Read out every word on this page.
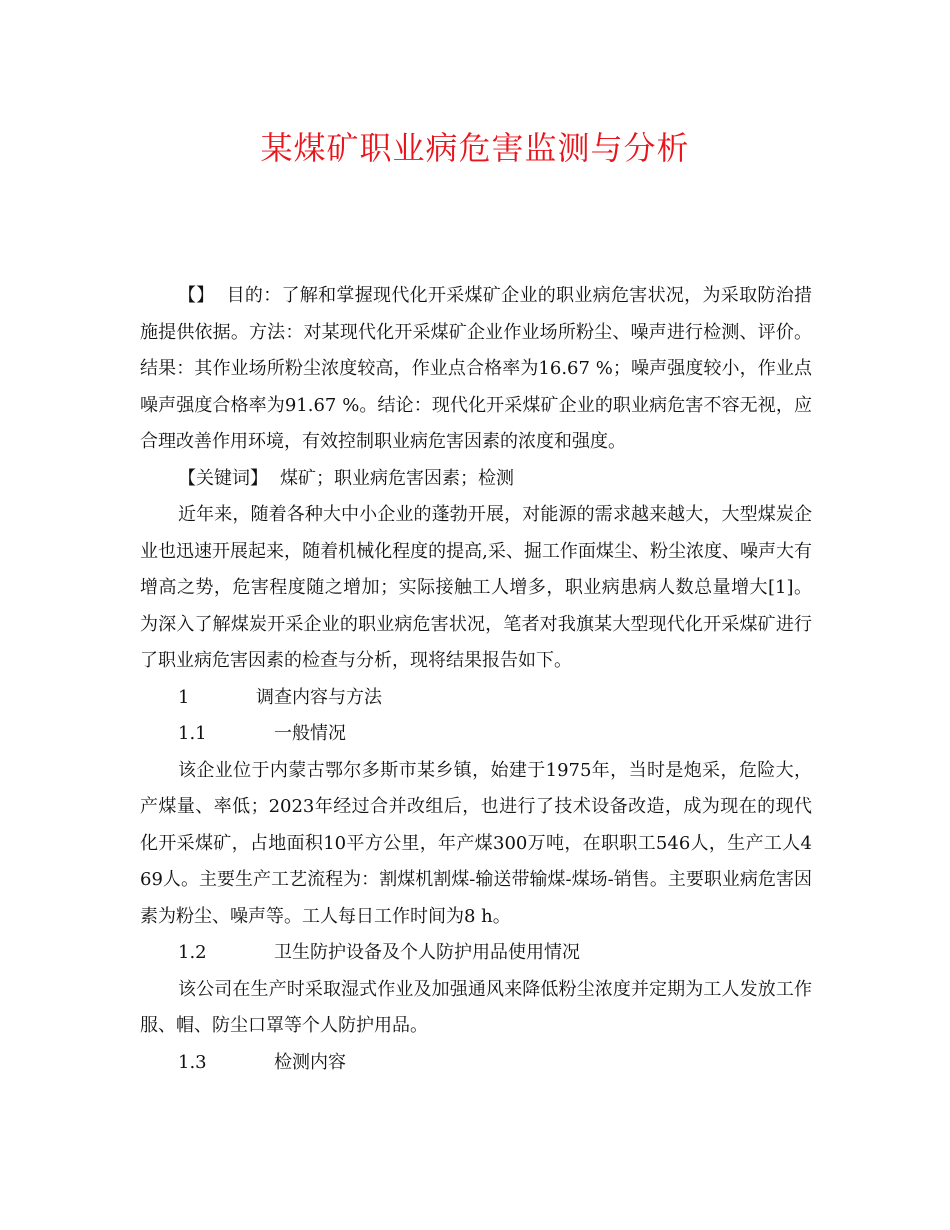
某煤矿职业病危害监测与分析

【】 目的：了解和掌握现代化开采煤矿企业的职业病危害状况，为采取防治措施提供依据。方法：对某现代化开采煤矿企业作业场所粉尘、噪声进行检测、评价。结果：其作业场所粉尘浓度较高，作业点合格率为16.67 %；噪声强度较小，作业点噪声强度合格率为91.67 %。结论：现代化开采煤矿企业的职业病危害不容无视，应合理改善作用环境，有效控制职业病危害因素的浓度和强度。

【关键词】 煤矿；职业病危害因素；检测

近年来，随着各种大中小企业的蓬勃开展，对能源的需求越来越大，大型煤炭企业也迅速开展起来，随着机械化程度的提高,采、掘工作面煤尘、粉尘浓度、噪声大有增高之势，危害程度随之增加；实际接触工人增多，职业病患病人数总量增大[1]。为深入了解煤炭开采企业的职业病危害状况，笔者对我旗某大型现代化开采煤矿进行了职业病危害因素的检查与分析，现将结果报告如下。

1	调查内容与方法

1.1	一般情况

该企业位于内蒙古鄂尔多斯市某乡镇，始建于1975年，当时是炮采，危险大，产煤量、率低；2023年经过合并改组后，也进行了技术设备改造，成为现在的现代化开采煤矿，占地面积10平方公里，年产煤300万吨，在职职工546人，生产工人469人。主要生产工艺流程为：割煤机割煤-输送带输煤-煤场-销售。主要职业病危害因素为粉尘、噪声等。工人每日工作时间为8 h。

1.2	卫生防护设备及个人防护用品使用情况

该公司在生产时采取湿式作业及加强通风来降低粉尘浓度并定期为工人发放工作服、帽、防尘口罩等个人防护用品。

1.3	检测内容
